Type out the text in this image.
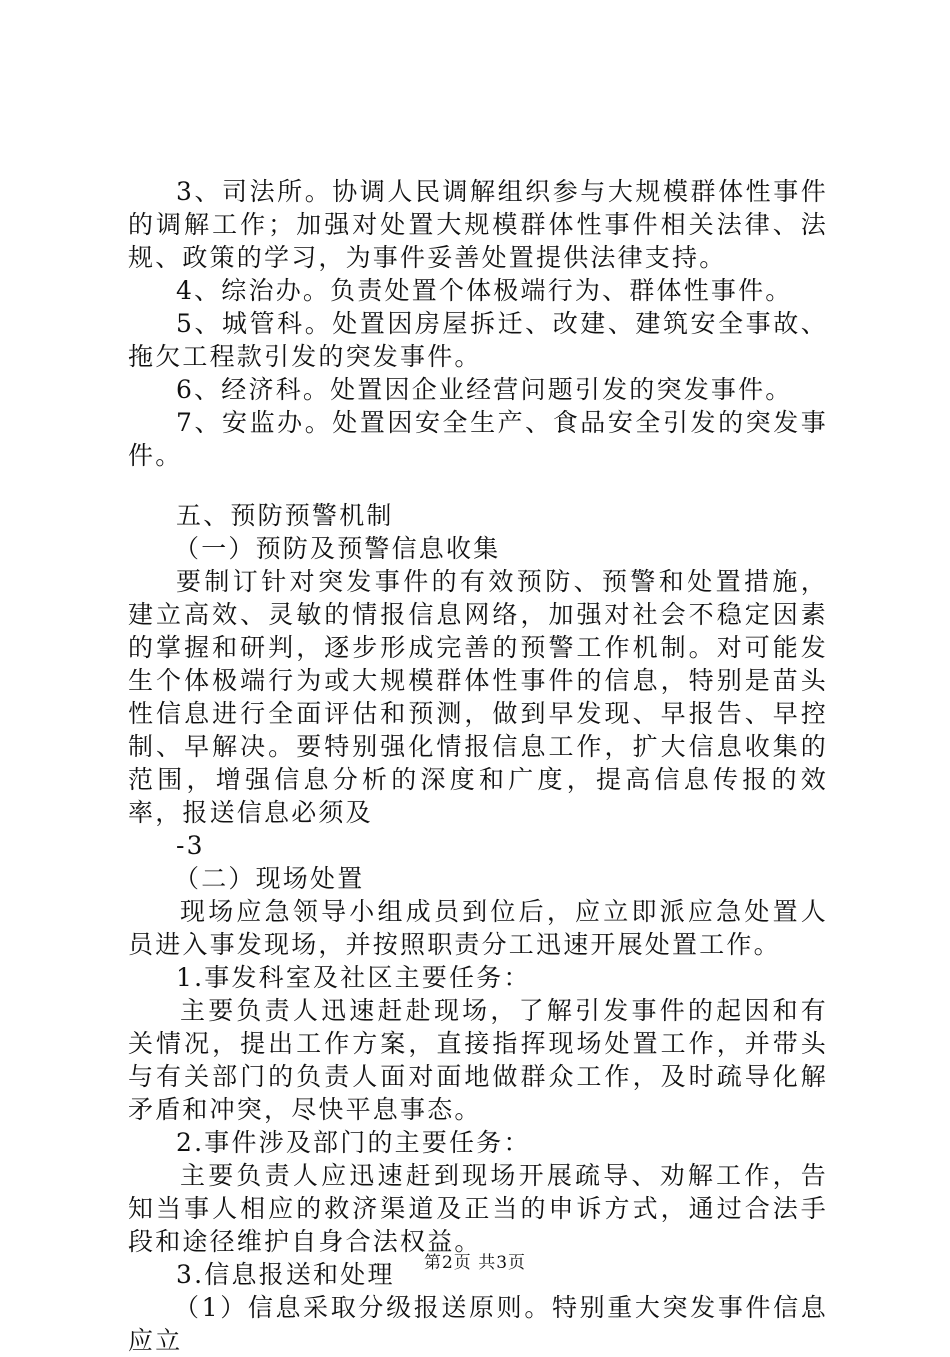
3、司法所。协调人民调解组织参与大规模群体性事件的调解工作；加强对处置大规模群体性事件相关法律、法规、政策的学习，为事件妥善处置提供法律支持。

4、综治办。负责处置个体极端行为、群体性事件。

5、城管科。处置因房屋拆迁、改建、建筑安全事故、拖欠工程款引发的突发事件。

6、经济科。处置因企业经营问题引发的突发事件。

7、安监办。处置因安全生产、食品安全引发的突发事件。

五、预防预警机制

（一）预防及预警信息收集

要制订针对突发事件的有效预防、预警和处置措施，建立高效、灵敏的情报信息网络，加强对社会不稳定因素的掌握和研判，逐步形成完善的预警工作机制。对可能发生个体极端行为或大规模群体性事件的信息，特别是苗头性信息进行全面评估和预测，做到早发现、早报告、早控制、早解决。要特别强化情报信息工作，扩大信息收集的范围，增强信息分析的深度和广度，提高信息传报的效率，报送信息必须及

-3

（二）现场处置

现场应急领导小组成员到位后，应立即派应急处置人员进入事发现场，并按照职责分工迅速开展处置工作。

1.事发科室及社区主要任务：

主要负责人迅速赶赴现场，了解引发事件的起因和有关情况，提出工作方案，直接指挥现场处置工作，并带头与有关部门的负责人面对面地做群众工作，及时疏导化解矛盾和冲突，尽快平息事态。

2.事件涉及部门的主要任务：

主要负责人应迅速赶到现场开展疏导、劝解工作，告知当事人相应的救济渠道及正当的申诉方式，通过合法手段和途径维护自身合法权益。

3.信息报送和处理

（1）信息采取分级报送原则。特别重大突发事件信息应立

第2页 共3页
